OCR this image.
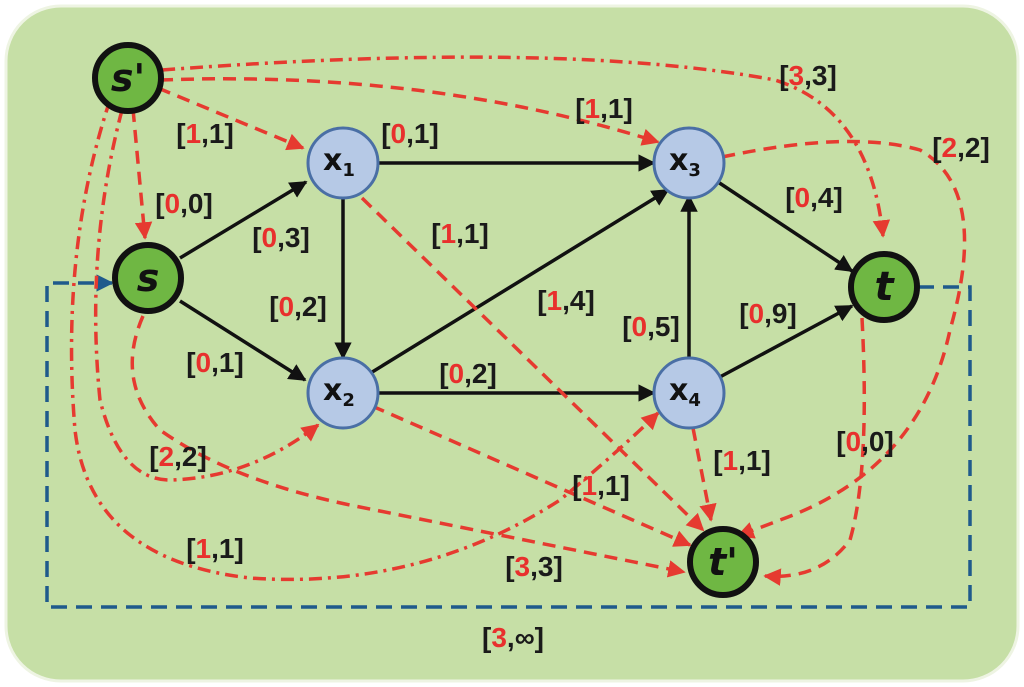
s'
s
$x_1$
$x_2$
$x_3$
$x_4$
t
t'
[1,1]
[0,0]
[1,1]
[3,3]
[2,2]
[0,1]
[0,3]
[0,2]
[0,1]
[1,1]
[1,4]
[0,2]
[0,4]
[0,5] [0,9]
[1,1]
[0,0]
[2,2]
[1,1]
[1,1]
[3,3]
[3,∞]
